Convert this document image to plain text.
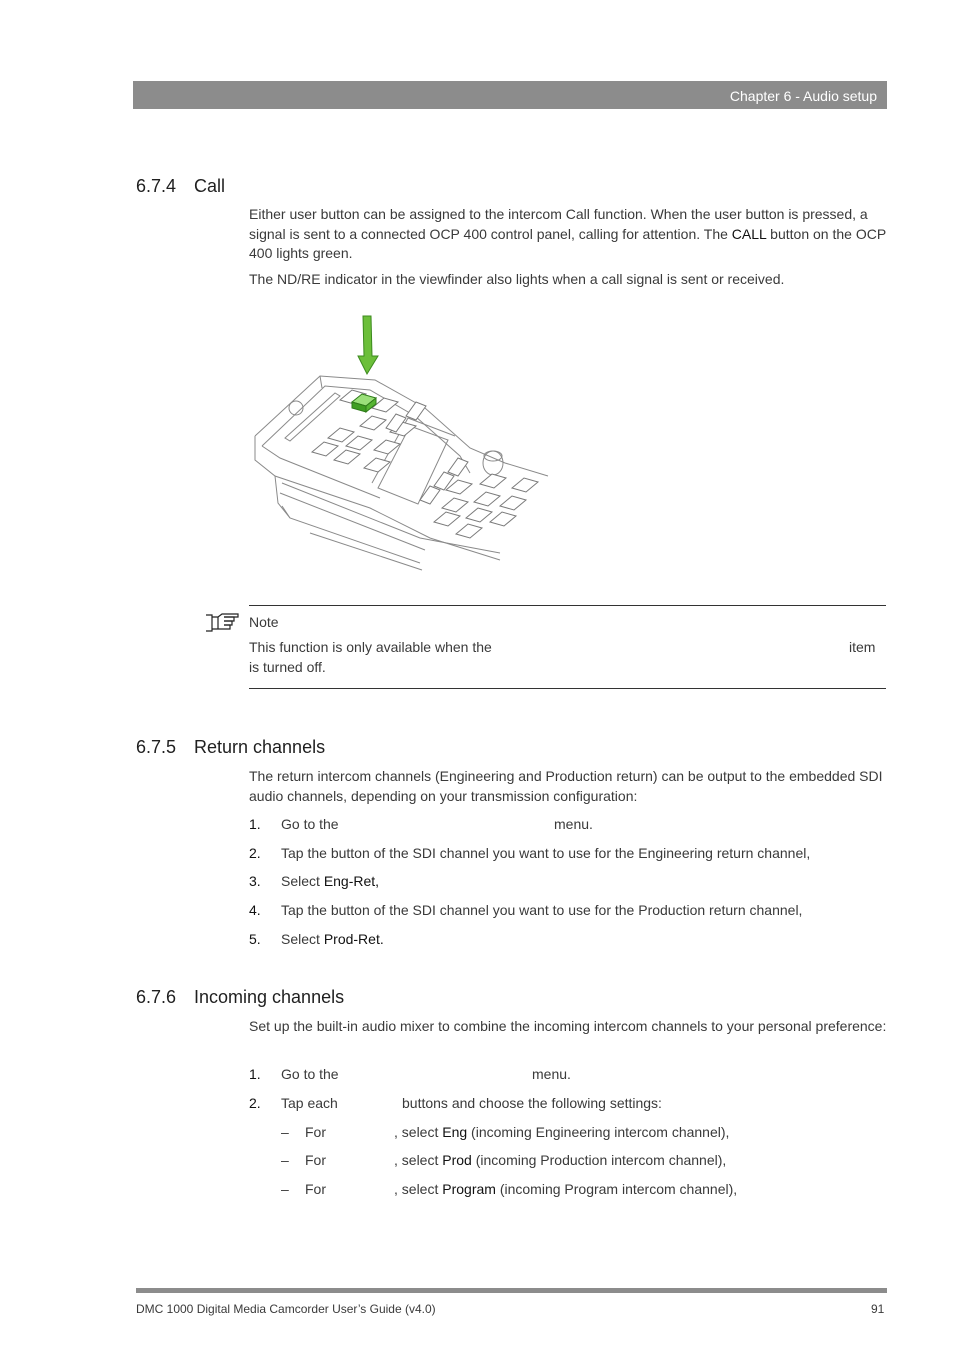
Chapter 6 - Audio setup
6.7.4 Call
Either user button can be assigned to the intercom Call function. When the user button is pressed, a signal is sent to a connected OCP 400 control panel, calling for attention. The CALL button on the OCP 400 lights green.
The ND/RE indicator in the viewfinder also lights when a call signal is sent or received.
Note
This function is only available when the	item

is turned off.
6.7.5 Return channels
The return intercom channels (Engineering and Production return) can be output to the embedded SDI audio channels, depending on your transmission configuration:
1. Go to the	menu.
2. Tap the button of the SDI channel you want to use for the Engineering return channel,
3. Select Eng-Ret,
4. Tap the button of the SDI channel you want to use for the Production return channel,
5. Select Prod-Ret.
6.7.6 Incoming channels
Set up the built-in audio mixer to combine the incoming intercom channels to your personal preference:
1. Go to the	menu.
2. Tap each	buttons and choose the following settings:
– For	, select Eng (incoming Engineering intercom channel),
– For	, select Prod (incoming Production intercom channel),
– For	, select Program (incoming Program intercom channel),
DMC 1000 Digital Media Camcorder User’s Guide (v4.0)	91
